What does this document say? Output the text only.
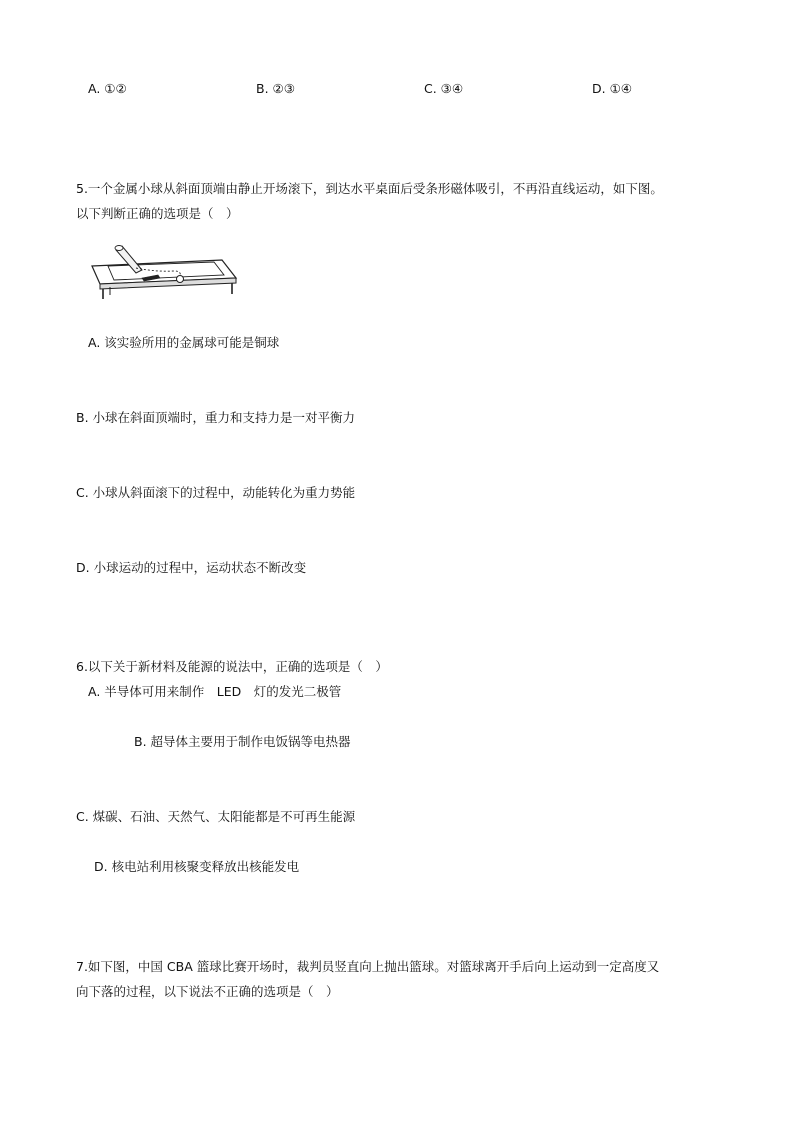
A. ①②	B. ②③	C. ③④	D. ①④
5.一个金属小球从斜面顶端由静止开场滚下，到达水平桌面后受条形磁体吸引，不再沿直线运动，如下图。
以下判断正确的选项是（　）
A. 该实验所用的金属球可能是铜球
B. 小球在斜面顶端时，重力和支持力是一对平衡力
C. 小球从斜面滚下的过程中，动能转化为重力势能
D. 小球运动的过程中，运动状态不断改变
6.以下关于新材料及能源的说法中，正确的选项是（　）
A. 半导体可用来制作　LED　灯的发光二极管
B. 超导体主要用于制作电饭锅等电热器
C. 煤碳、石油、天然气、太阳能都是不可再生能源
D. 核电站利用核聚变释放出核能发电
7.如下图，中国 CBA 篮球比赛开场时，裁判员竖直向上抛出篮球。对篮球离开手后向上运动到一定高度又
向下落的过程，以下说法不正确的选项是（　）
